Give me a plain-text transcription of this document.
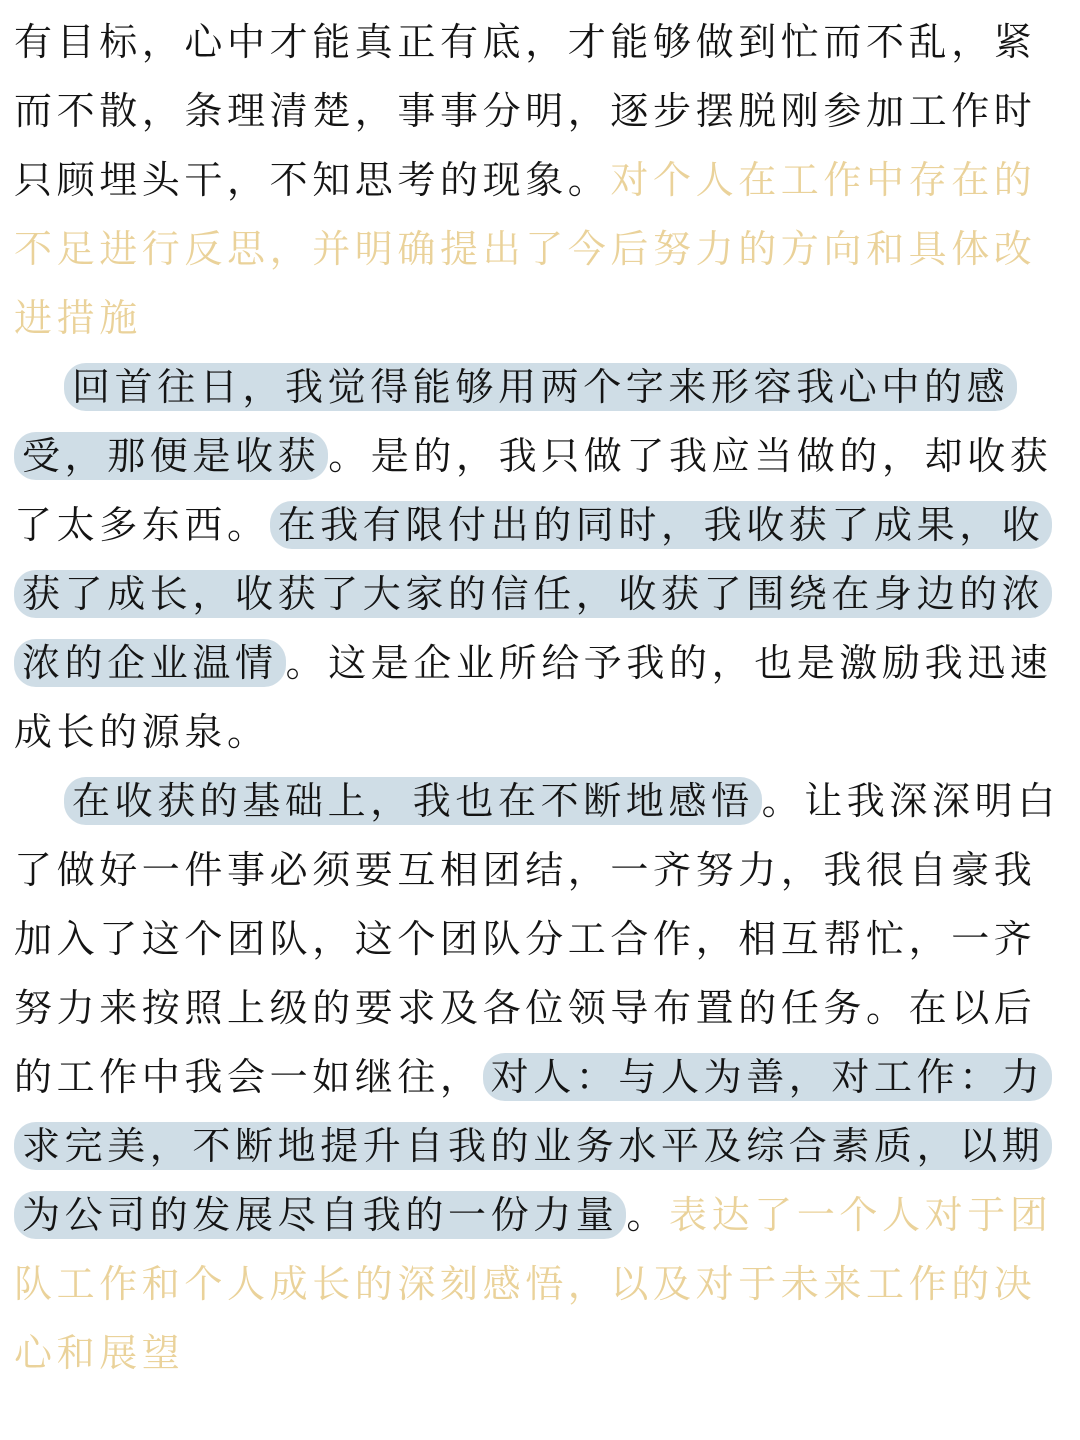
有目标，心中才能真正有底，才能够做到忙而不乱，紧而不散，条理清楚，事事分明，逐步摆脱刚参加工作时只顾埋头干，不知思考的现象。对个人在工作中存在的不足进行反思，并明确提出了今后努力的方向和具体改进措施

回首往日，我觉得能够用两个字来形容我心中的感受，那便是收获 。是的，我只做了我应当做的，却收获了太多东西。 在我有限付出的同时，我收获了成果，收获了成长，收获了大家的信任，收获了围绕在身边的浓浓的企业温情 。这是企业所给予我的，也是激励我迅速成长的源泉。

在收获的基础上，我也在不断地感悟 。让我深深明白了做好一件事必须要互相团结，一齐努力，我很自豪我加入了这个团队，这个团队分工合作，相互帮忙，一齐努力来按照上级的要求及各位领导布置的任务。在以后的工作中我会一如继往， 对人：与人为善，对工作：力求完美，不断地提升自我的业务水平及综合素质，以期为公司的发展尽自我的一份力量 。表达了一个人对于团队工作和个人成长的深刻感悟，以及对于未来工作的决心和展望
